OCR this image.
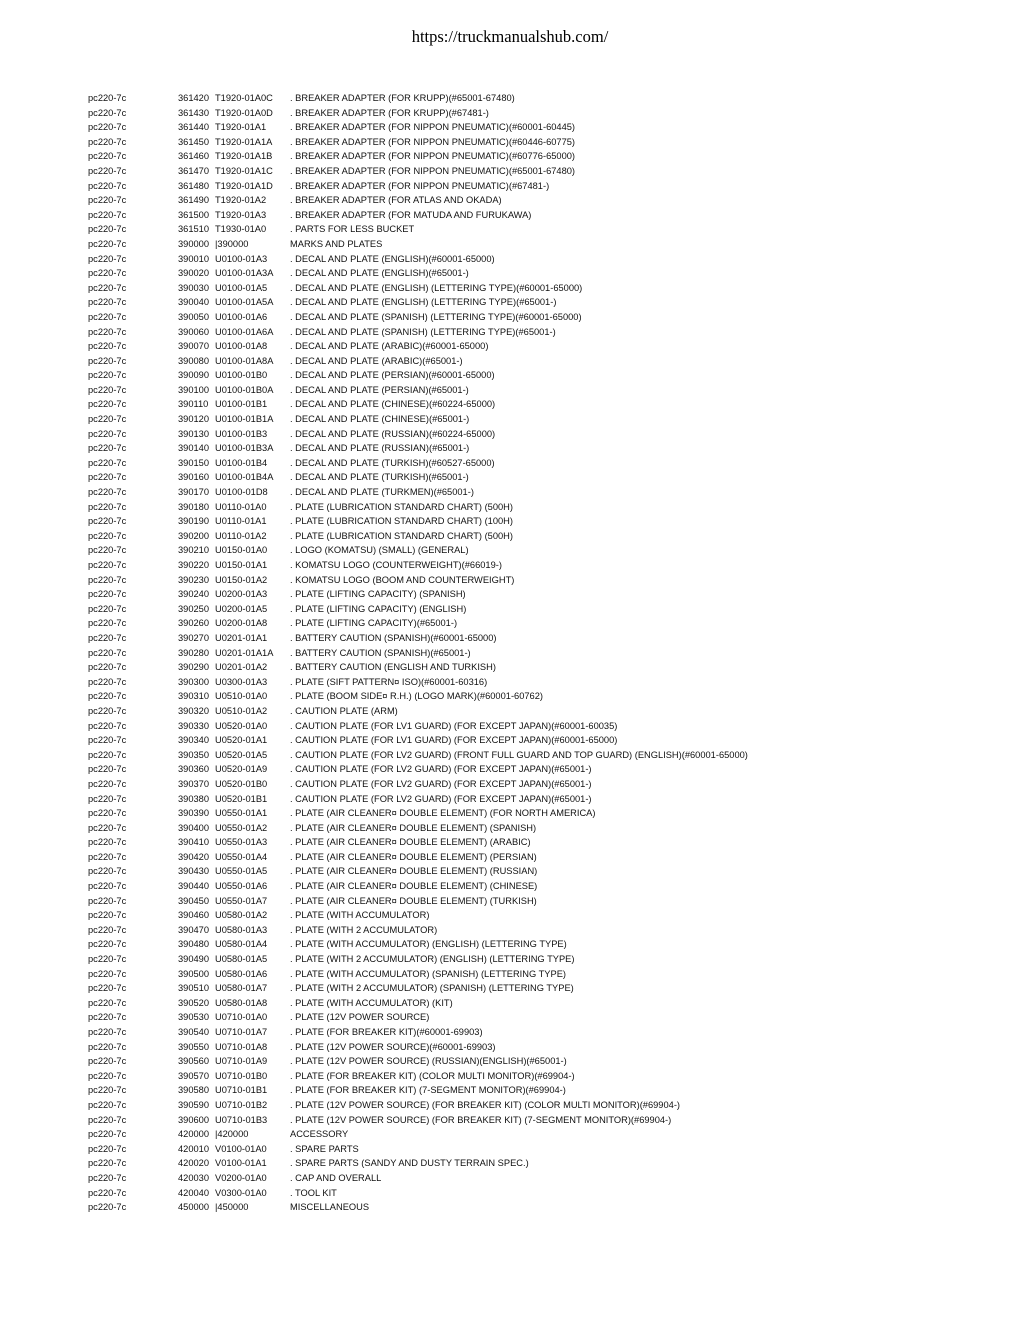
https://truckmanualshub.com/
pc220-7c	361420 T1920-01A0C . BREAKER ADAPTER (FOR KRUPP)(#65001-67480)
pc220-7c	361430 T1920-01A0D . BREAKER ADAPTER (FOR KRUPP)(#67481-)
pc220-7c	361440 T1920-01A1	. BREAKER ADAPTER (FOR NIPPON PNEUMATIC)(#60001-60445)
pc220-7c	361450 T1920-01A1A . BREAKER ADAPTER (FOR NIPPON PNEUMATIC)(#60446-60775)
pc220-7c	361460 T1920-01A1B . BREAKER ADAPTER (FOR NIPPON PNEUMATIC)(#60776-65000)
pc220-7c	361470 T1920-01A1C . BREAKER ADAPTER (FOR NIPPON PNEUMATIC)(#65001-67480)
pc220-7c	361480 T1920-01A1D . BREAKER ADAPTER (FOR NIPPON PNEUMATIC)(#67481-)
pc220-7c	361490 T1920-01A2	. BREAKER ADAPTER (FOR ATLAS AND OKADA)
pc220-7c	361500 T1920-01A3	. BREAKER ADAPTER (FOR MATUDA AND FURUKAWA)
pc220-7c	361510 T1930-01A0	. PARTS FOR LESS BUCKET
pc220-7c	390000 |390000	MARKS AND PLATES
pc220-7c	390010 U0100-01A3 . DECAL AND PLATE (ENGLISH)(#60001-65000)
pc220-7c	390020 U0100-01A3A . DECAL AND PLATE (ENGLISH)(#65001-)
pc220-7c	390030 U0100-01A5 . DECAL AND PLATE (ENGLISH) (LETTERING TYPE)(#60001-65000)
pc220-7c	390040 U0100-01A5A . DECAL AND PLATE (ENGLISH) (LETTERING TYPE)(#65001-)
pc220-7c	390050 U0100-01A6 . DECAL AND PLATE (SPANISH) (LETTERING TYPE)(#60001-65000)
pc220-7c	390060 U0100-01A6A . DECAL AND PLATE (SPANISH) (LETTERING TYPE)(#65001-)
pc220-7c	390070 U0100-01A8 . DECAL AND PLATE (ARABIC)(#60001-65000)
pc220-7c	390080 U0100-01A8A . DECAL AND PLATE (ARABIC)(#65001-)
pc220-7c	390090 U0100-01B0 . DECAL AND PLATE (PERSIAN)(#60001-65000)
pc220-7c	390100 U0100-01B0A . DECAL AND PLATE (PERSIAN)(#65001-)
pc220-7c	390110 U0100-01B1 . DECAL AND PLATE (CHINESE)(#60224-65000)
pc220-7c	390120 U0100-01B1A . DECAL AND PLATE (CHINESE)(#65001-)
pc220-7c	390130 U0100-01B3 . DECAL AND PLATE (RUSSIAN)(#60224-65000)
pc220-7c	390140 U0100-01B3A . DECAL AND PLATE (RUSSIAN)(#65001-)
pc220-7c	390150 U0100-01B4 . DECAL AND PLATE (TURKISH)(#60527-65000)
pc220-7c	390160 U0100-01B4A . DECAL AND PLATE (TURKISH)(#65001-)
pc220-7c	390170 U0100-01D8 . DECAL AND PLATE (TURKMEN)(#65001-)
pc220-7c	390180 U0110-01A0	. PLATE (LUBRICATION STANDARD CHART) (500H)
pc220-7c	390190 U0110-01A1	. PLATE (LUBRICATION STANDARD CHART) (100H)
pc220-7c	390200 U0110-01A2	. PLATE (LUBRICATION STANDARD CHART) (500H)
pc220-7c	390210 U0150-01A0 . LOGO (KOMATSU) (SMALL) (GENERAL)
pc220-7c	390220 U0150-01A1 . KOMATSU LOGO (COUNTERWEIGHT)(#66019-)
pc220-7c	390230 U0150-01A2 . KOMATSU LOGO (BOOM AND COUNTERWEIGHT)
pc220-7c	390240 U0200-01A3 . PLATE (LIFTING CAPACITY) (SPANISH)
pc220-7c	390250 U0200-01A5 . PLATE (LIFTING CAPACITY) (ENGLISH)
pc220-7c	390260 U0200-01A8 . PLATE (LIFTING CAPACITY)(#65001-)
pc220-7c	390270 U0201-01A1 . BATTERY CAUTION (SPANISH)(#60001-65000)
pc220-7c	390280 U0201-01A1A . BATTERY CAUTION (SPANISH)(#65001-)
pc220-7c	390290 U0201-01A2 . BATTERY CAUTION (ENGLISH AND TURKISH)
pc220-7c	390300 U0300-01A3 . PLATE (SIFT PATTERN¤ ISO)(#60001-60316)
pc220-7c	390310 U0510-01A0 . PLATE (BOOM SIDE¤ R.H.) (LOGO MARK)(#60001-60762)
pc220-7c	390320 U0510-01A2 . CAUTION PLATE (ARM)
pc220-7c	390330 U0520-01A0 . CAUTION PLATE (FOR LV1 GUARD) (FOR EXCEPT JAPAN)(#60001-60035)
pc220-7c	390340 U0520-01A1 . CAUTION PLATE (FOR LV1 GUARD) (FOR EXCEPT JAPAN)(#60001-65000)
pc220-7c	390350 U0520-01A5 . CAUTION PLATE (FOR LV2 GUARD) (FRONT FULL GUARD AND TOP GUARD) (ENGLISH)(#60001-65000)
pc220-7c	390360 U0520-01A9 . CAUTION PLATE (FOR LV2 GUARD) (FOR EXCEPT JAPAN)(#65001-)
pc220-7c	390370 U0520-01B0 . CAUTION PLATE (FOR LV2 GUARD) (FOR EXCEPT JAPAN)(#65001-)
pc220-7c	390380 U0520-01B1 . CAUTION PLATE (FOR LV2 GUARD) (FOR EXCEPT JAPAN)(#65001-)
pc220-7c	390390 U0550-01A1 . PLATE (AIR CLEANER¤ DOUBLE ELEMENT) (FOR NORTH AMERICA)
pc220-7c	390400 U0550-01A2 . PLATE (AIR CLEANER¤ DOUBLE ELEMENT) (SPANISH)
pc220-7c	390410 U0550-01A3 . PLATE (AIR CLEANER¤ DOUBLE ELEMENT) (ARABIC)
pc220-7c	390420 U0550-01A4 . PLATE (AIR CLEANER¤ DOUBLE ELEMENT) (PERSIAN)
pc220-7c	390430 U0550-01A5 . PLATE (AIR CLEANER¤ DOUBLE ELEMENT) (RUSSIAN)
pc220-7c	390440 U0550-01A6 . PLATE (AIR CLEANER¤ DOUBLE ELEMENT) (CHINESE)
pc220-7c	390450 U0550-01A7 . PLATE (AIR CLEANER¤ DOUBLE ELEMENT) (TURKISH)
pc220-7c	390460 U0580-01A2 . PLATE (WITH ACCUMULATOR)
pc220-7c	390470 U0580-01A3 . PLATE (WITH 2 ACCUMULATOR)
pc220-7c	390480 U0580-01A4 . PLATE (WITH ACCUMULATOR) (ENGLISH) (LETTERING TYPE)
pc220-7c	390490 U0580-01A5 . PLATE (WITH 2 ACCUMULATOR) (ENGLISH) (LETTERING TYPE)
pc220-7c	390500 U0580-01A6 . PLATE (WITH ACCUMULATOR) (SPANISH) (LETTERING TYPE)
pc220-7c	390510 U0580-01A7 . PLATE (WITH 2 ACCUMULATOR) (SPANISH) (LETTERING TYPE)
pc220-7c	390520 U0580-01A8 . PLATE (WITH ACCUMULATOR) (KIT)
pc220-7c	390530 U0710-01A0 . PLATE (12V POWER SOURCE)
pc220-7c	390540 U0710-01A7 . PLATE (FOR BREAKER KIT)(#60001-69903)
pc220-7c	390550 U0710-01A8 . PLATE (12V POWER SOURCE)(#60001-69903)
pc220-7c	390560 U0710-01A9 . PLATE (12V POWER SOURCE) (RUSSIAN)(ENGLISH)(#65001-)
pc220-7c	390570 U0710-01B0 . PLATE (FOR BREAKER KIT) (COLOR MULTI MONITOR)(#69904-)
pc220-7c	390580 U0710-01B1 . PLATE (FOR BREAKER KIT) (7-SEGMENT MONITOR)(#69904-)
pc220-7c	390590 U0710-01B2 . PLATE (12V POWER SOURCE) (FOR BREAKER KIT) (COLOR MULTI MONITOR)(#69904-)
pc220-7c	390600 U0710-01B3 . PLATE (12V POWER SOURCE) (FOR BREAKER KIT) (7-SEGMENT MONITOR)(#69904-)
pc220-7c	420000 |420000	ACCESSORY
pc220-7c	420010 V0100-01A0	. SPARE PARTS
pc220-7c	420020 V0100-01A1	. SPARE PARTS (SANDY AND DUSTY TERRAIN SPEC.)
pc220-7c	420030 V0200-01A0	. CAP AND OVERALL
pc220-7c	420040 V0300-01A0	. TOOL KIT
pc220-7c	450000 |450000	MISCELLANEOUS
